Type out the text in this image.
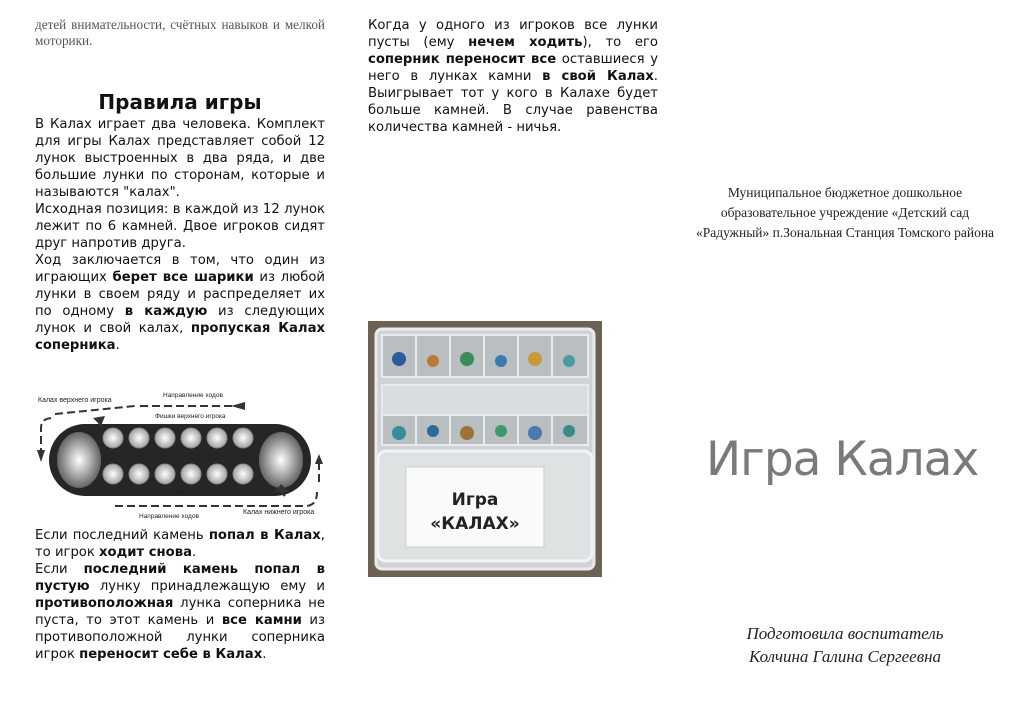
детей внимательности, счётных навыков и мелкой моторики.
Правила игры

В Калах играет два человека. Комплект для игры Калах представляет собой 12 лунок выстроенных в два ряда, и две большие лунки по сторонам, которые и называются "калах".

Исходная позиция: в каждой из 12 лунок лежит по 6 камней. Двое игроков сидят друг напротив друга.

Ход заключается в том, что один из играющих берет все шарики из любой лунки в своем ряду и распределяет их по одному в каждую из следующих лунок и свой калах, пропуская Калах соперника.

Калах верхнего игрока
Направление ходов
Фишки верхнего игрока
Фишки нижнего игрока
Калах нижнего игрока
Направление ходов

Если последний камень попал в Калах, то игрок ходит снова.

Если последний камень попал в пустую лунку принадлежащую ему и противоположная лунка соперника не пуста, то этот камень и все камни из противоположной лунки соперника игрок переносит себе в Калах.

Когда у одного из игроков все лунки пусты (ему нечем ходить), то его соперник переносит все оставшиеся у него в лунках камни в свой Калах. Выигрывает тот у кого в Калахе будет больше камней. В случае равенства количества камней - ничья.

Игра
«КАЛАХ»
Муниципальное бюджетное дошкольное образовательное учреждение «Детский сад «Радужный» п.Зональная Станция Томского района
Игра Калах
Подготовила воспитатель
Колчина Галина Сергеевна
